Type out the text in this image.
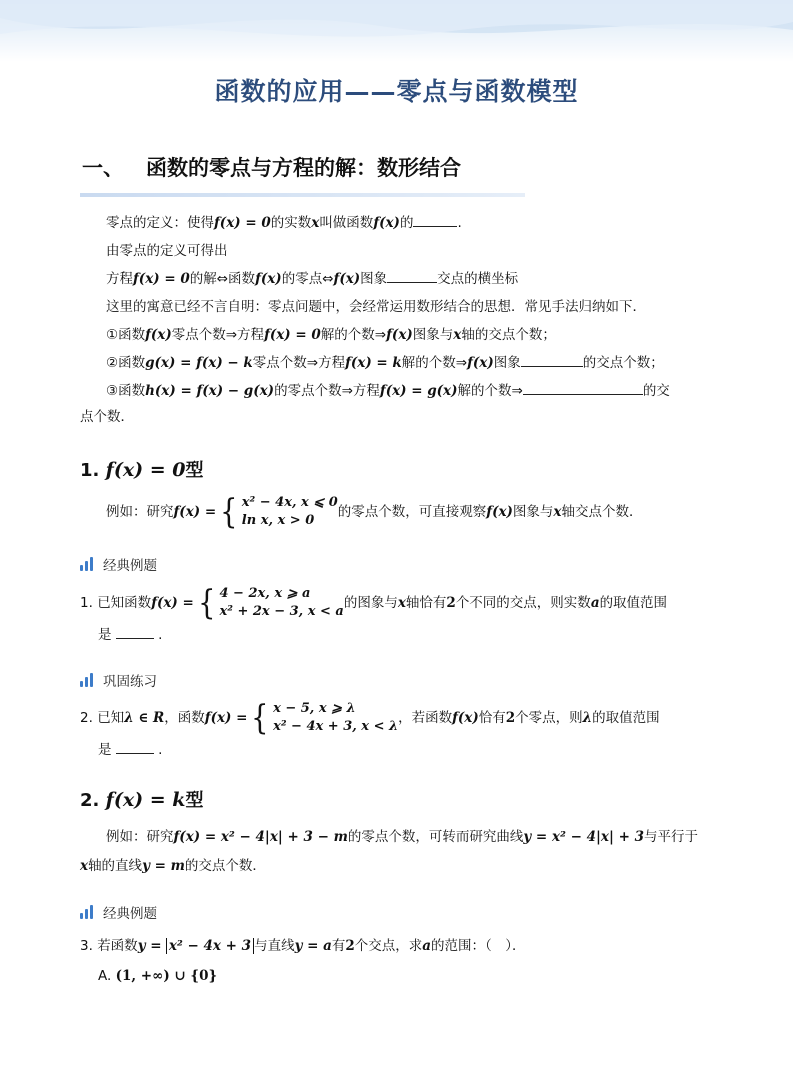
函数的应用——零点与函数模型
一、 函数的零点与方程的解：数形结合
零点的定义：使得f(x) = 0的实数x叫做函数f(x)的	.
由零点的定义可得出
方程f(x) = 0的解⇔函数f(x)的零点⇔f(x)图象	交点的横坐标
这里的寓意已经不言自明：零点问题中，会经常运用数形结合的思想．常见手法归纳如下．
①函数f(x)零点个数⇒方程f(x) = 0解的个数⇒f(x)图象与x轴的交点个数；
②函数g(x) = f(x) − k零点个数⇒方程f(x) = k解的个数⇒f(x)图象	的交点个数；
③函数h(x) = f(x) − g(x)的零点个数⇒方程f(x) = g(x)解的个数⇒	的交
点个数．
1. f(x) = 0型
例如：研究 f(x) = { x² − 4x, x ⩽ 0
ln x, x > 0
的零点个数，可直接观察f(x)图象与x轴交点个数．
经典例题
1. 已知函数 f(x) = { 4 − 2x, x ⩾ a
x² + 2x − 3, x < a
的图象与x轴恰有2个不同的交点，则实数a的取值范围
是	.
巩固练习
2. 已知λ ∈ R，函数 f(x) = { x − 5, x ⩾ λ
x² − 4x + 3, x < λ
，若函数f(x)恰有2个零点，则λ的取值范围
是	.
2. f(x) = k型
例如：研究f(x) = x² − 4|x| + 3 − m的零点个数，可转而研究曲线y = x² − 4|x| + 3与平行于
x轴的直线y = m的交点个数．
经典例题
3. 若函数y = x² − 4x + 3 与直线y = a有2个交点，求a的范围：（　）．
A. (1, +∞) ∪ {0}
